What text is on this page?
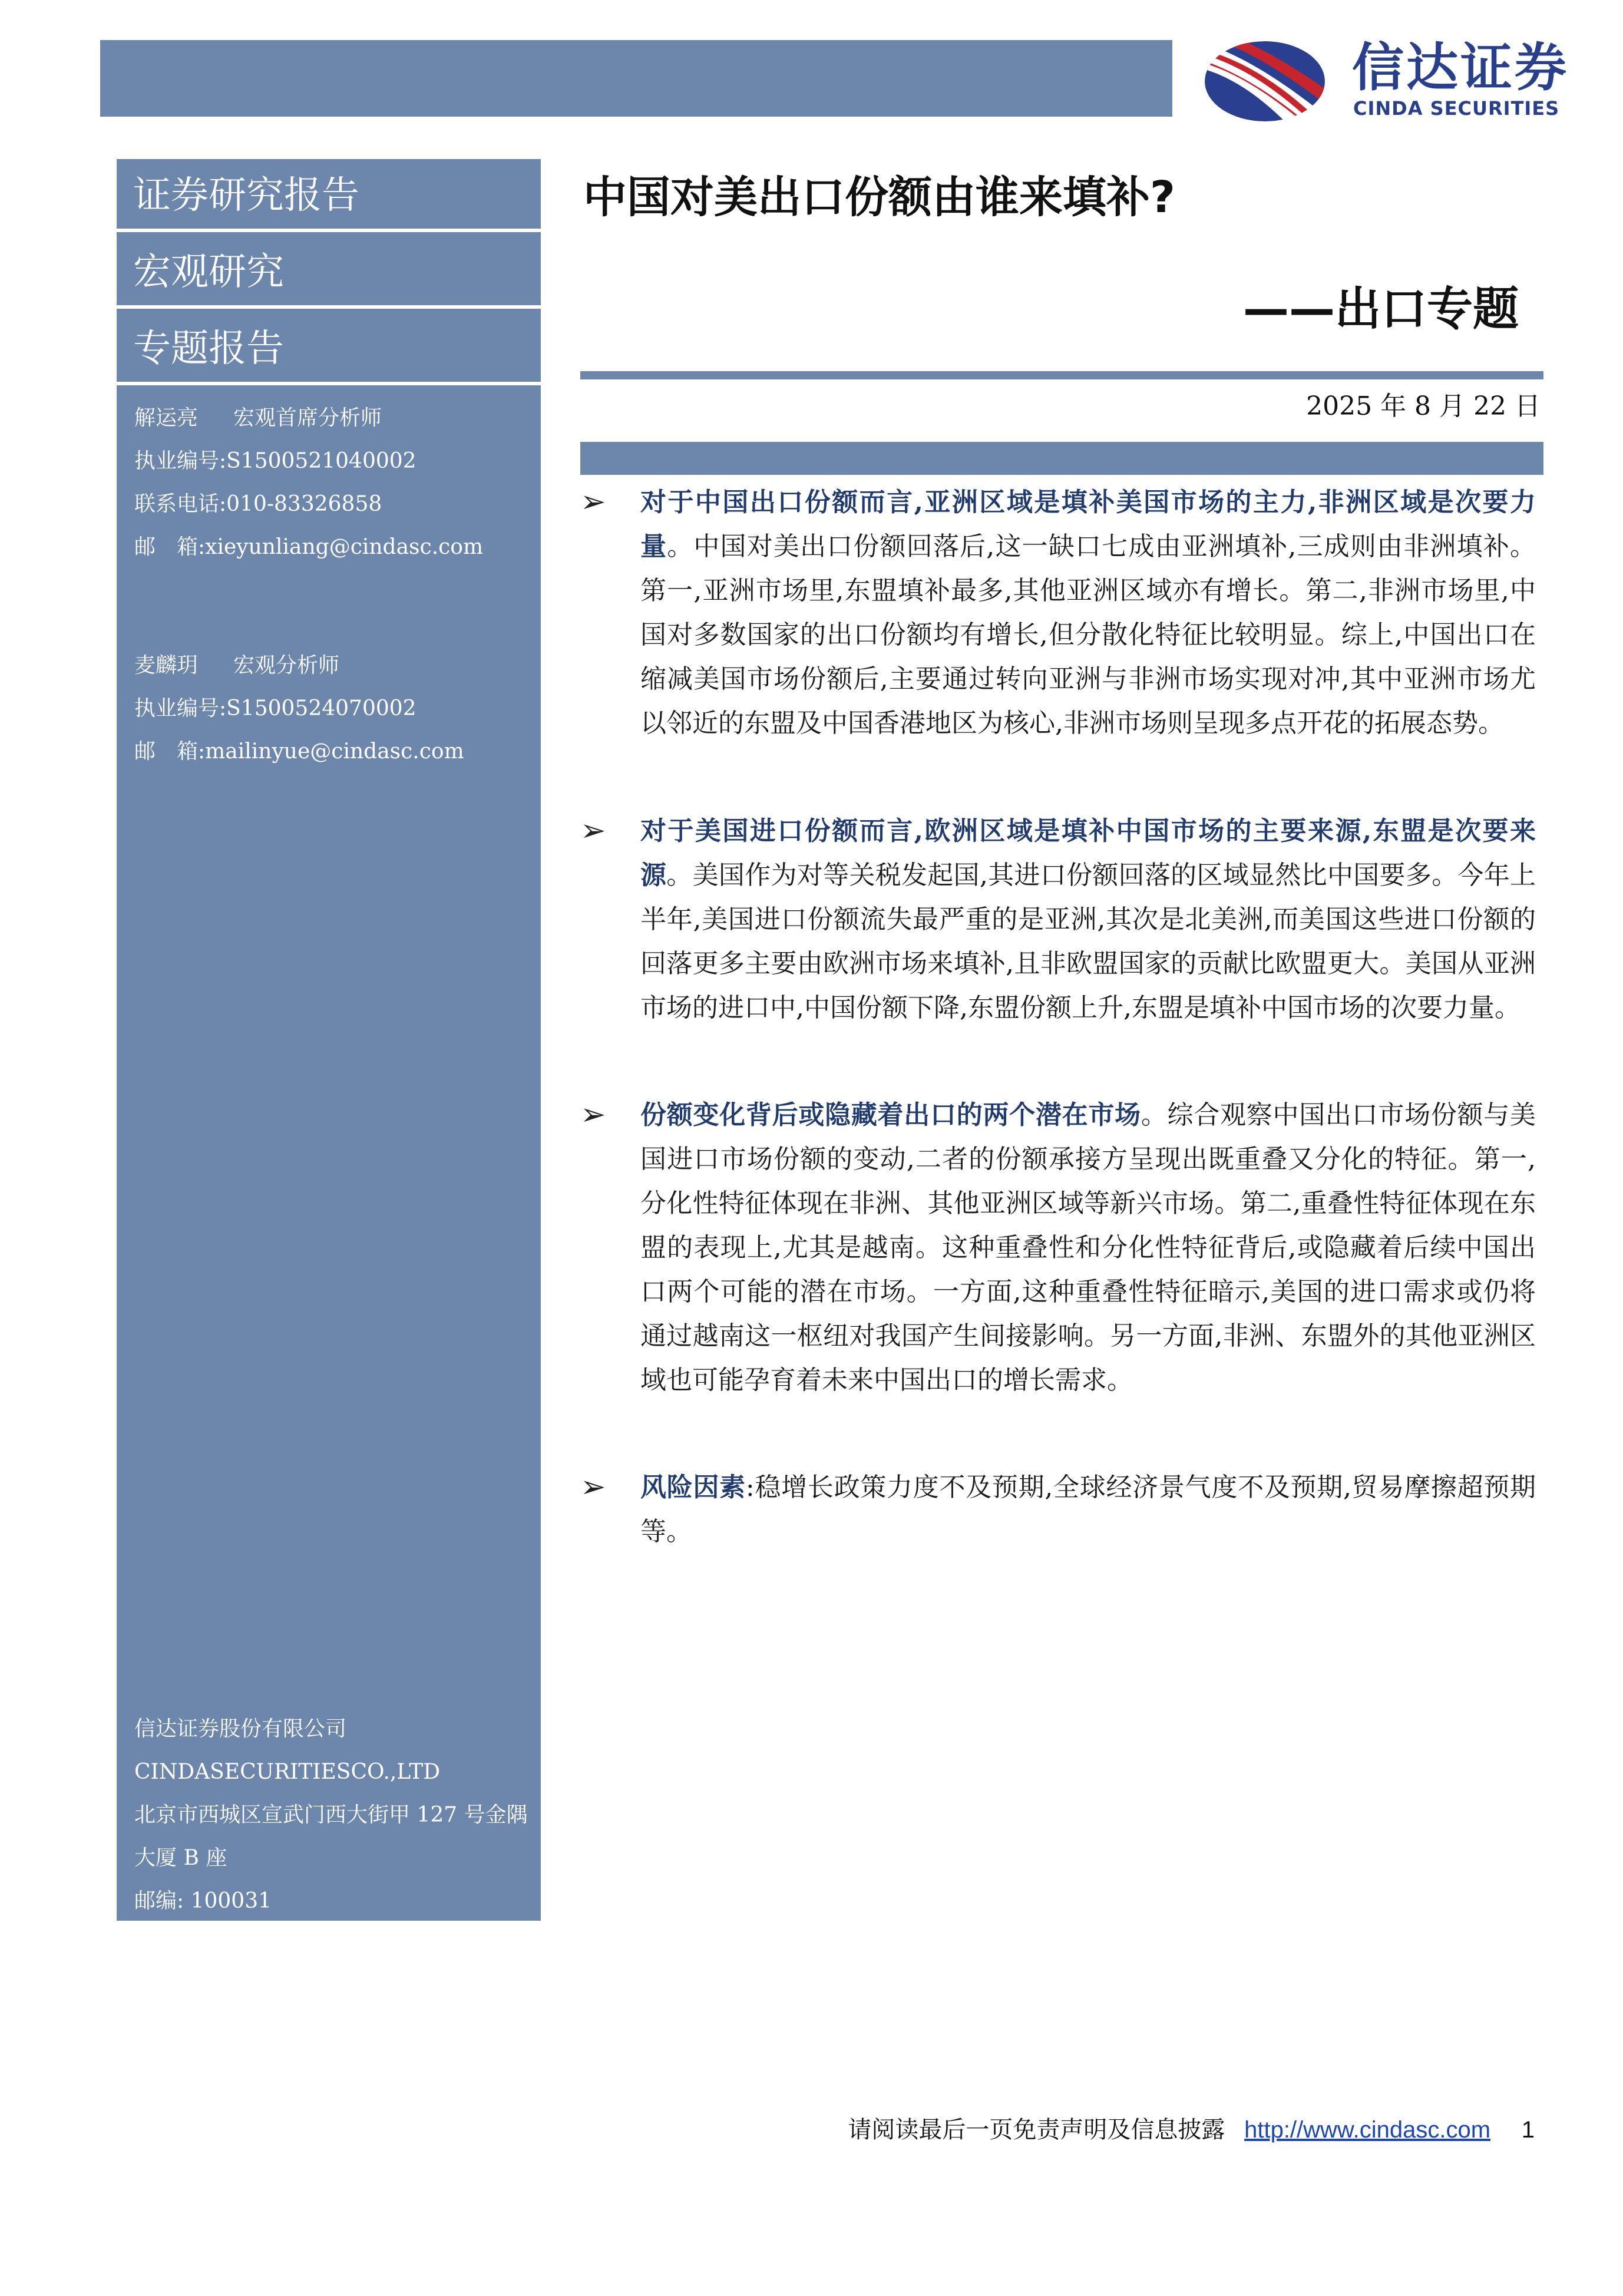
信达证券
CINDA SECURITIES
证券研究报告
宏观研究
专题报告
解运亮 宏观首席分析师
执业编号:S1500521040002
联系电话:010-83326858
邮　箱:xieyunliang@cindasc.com
麦麟玥 宏观分析师
执业编号:S1500524070002
邮　箱:mailinyue@cindasc.com
信达证券股份有限公司
CINDASECURITIESCO.,LTD
北京市西城区宣武门西大街甲 127 号金隅
大厦 B 座
邮编: 100031
中国对美出口份额由谁来填补?
——出口专题
2025 年 8 月 22 日
➢ 对于中国出口份额而言,亚洲区域是填补美国市场的主力,非洲区域是次要力量。中国对美出口份额回落后,这一缺口七成由亚洲填补,三成则由非洲填补。第一,亚洲市场里,东盟填补最多,其他亚洲区域亦有增长。第二,非洲市场里,中国对多数国家的出口份额均有增长,但分散化特征比较明显。综上,中国出口在缩减美国市场份额后,主要通过转向亚洲与非洲市场实现对冲,其中亚洲市场尤以邻近的东盟及中国香港地区为核心,非洲市场则呈现多点开花的拓展态势。
➢ 对于美国进口份额而言,欧洲区域是填补中国市场的主要来源,东盟是次要来源。美国作为对等关税发起国,其进口份额回落的区域显然比中国要多。今年上半年,美国进口份额流失最严重的是亚洲,其次是北美洲,而美国这些进口份额的回落更多主要由欧洲市场来填补,且非欧盟国家的贡献比欧盟更大。美国从亚洲市场的进口中,中国份额下降,东盟份额上升,东盟是填补中国市场的次要力量。
➢ 份额变化背后或隐藏着出口的两个潜在市场。综合观察中国出口市场份额与美国进口市场份额的变动,二者的份额承接方呈现出既重叠又分化的特征。第一,分化性特征体现在非洲、其他亚洲区域等新兴市场。第二,重叠性特征体现在东盟的表现上,尤其是越南。这种重叠性和分化性特征背后,或隐藏着后续中国出口两个可能的潜在市场。一方面,这种重叠性特征暗示,美国的进口需求或仍将通过越南这一枢纽对我国产生间接影响。另一方面,非洲、东盟外的其他亚洲区域也可能孕育着未来中国出口的增长需求。
➢ 风险因素:稳增长政策力度不及预期,全球经济景气度不及预期,贸易摩擦超预期等。
请阅读最后一页免责声明及信息披露 http://www.cindasc.com 1
